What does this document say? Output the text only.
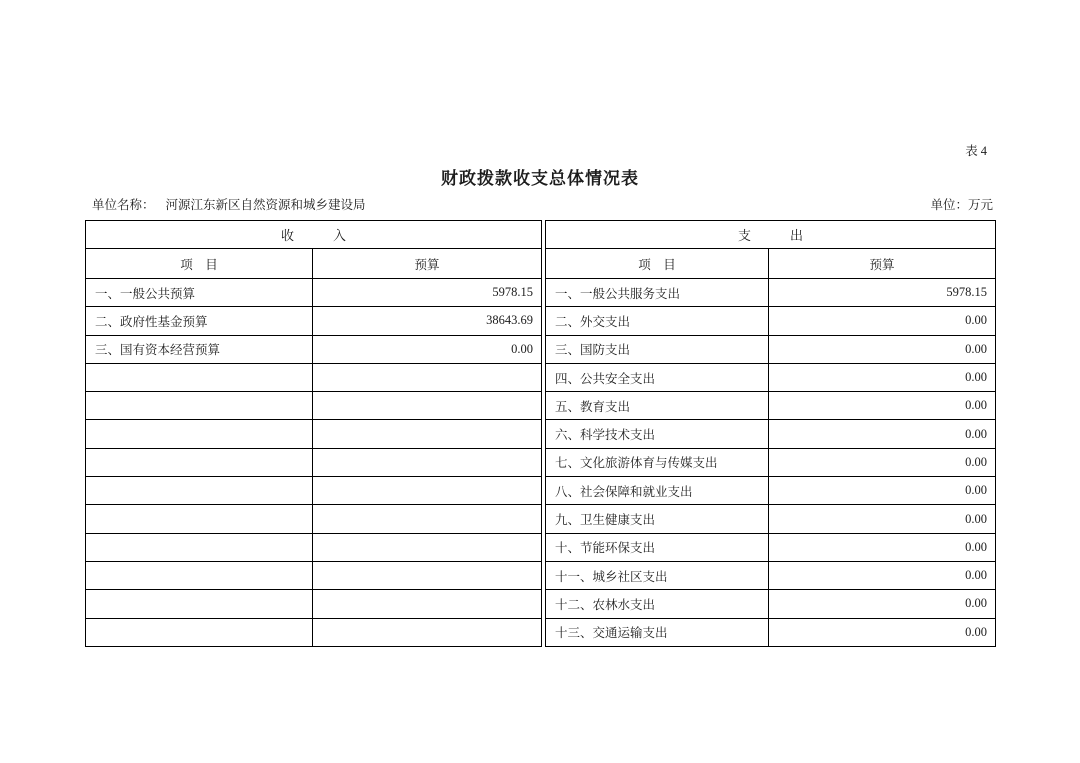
表4
财政拨款收支总体情况表
单位名称： 河源江东新区自然资源和城乡建设局	单位：万元
收　　　入	
项　目	预算
一、一般公共预算	5978.15
二、政府性基金预算	38643.69
三、国有资本经营预算	0.00

支　　　出	
项　目	预算
一、一般公共服务支出	5978.15
二、外交支出	0.00
三、国防支出	0.00
四、公共安全支出	0.00
五、教育支出	0.00
六、科学技术支出	0.00
七、文化旅游体育与传媒支出	0.00
八、社会保障和就业支出	0.00
九、卫生健康支出	0.00
十、节能环保支出	0.00
十一、城乡社区支出	0.00
十二、农林水支出	0.00
十三、交通运输支出	0.00
